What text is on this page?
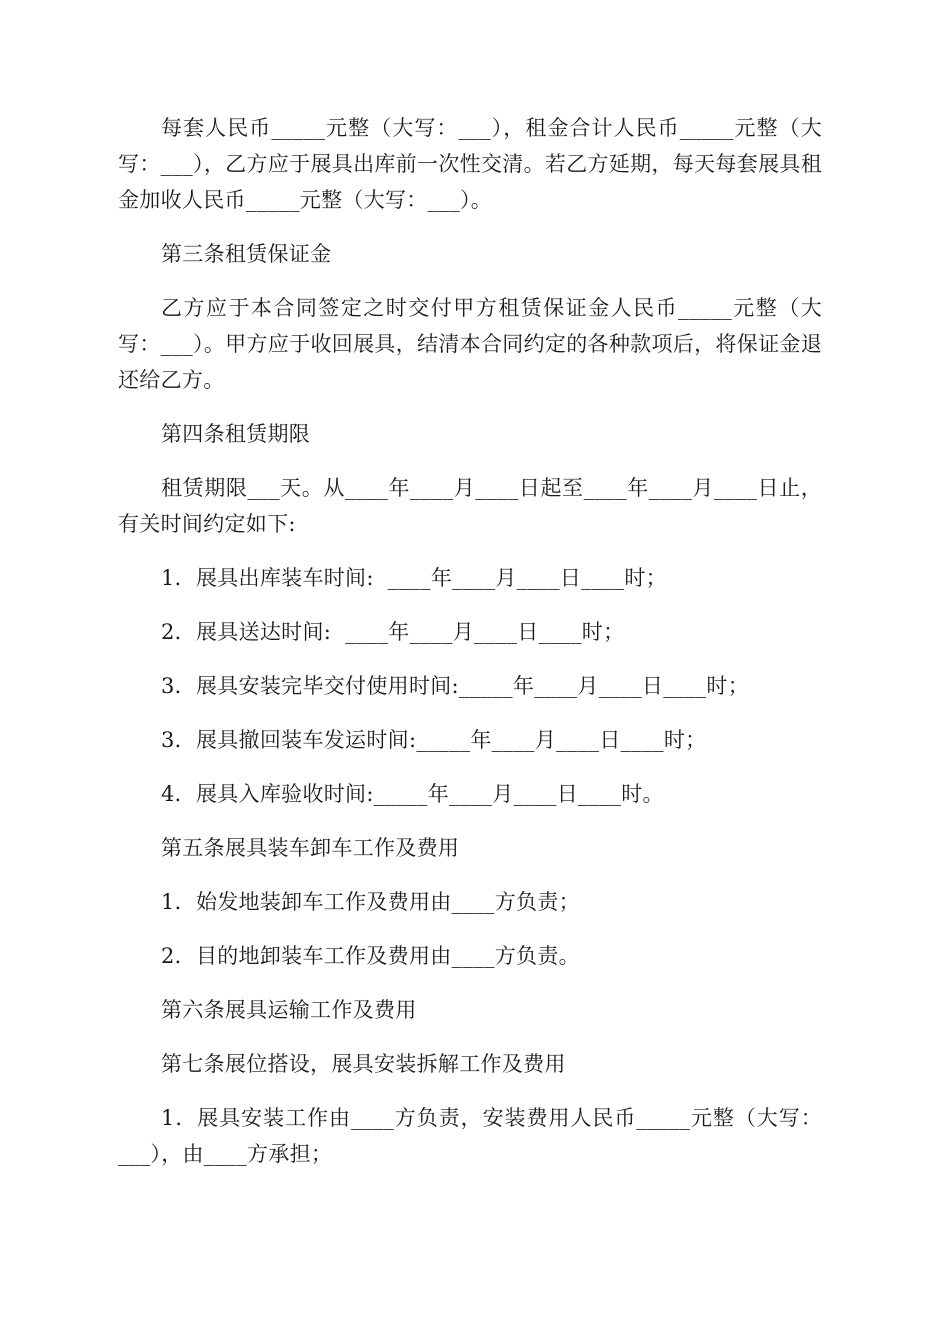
每套人民币_____元整（大写：___），租金合计人民币_____元整（大写：___），乙方应于展具出库前一次性交清。若乙方延期，每天每套展具租金加收人民币_____元整（大写：___）。

第三条租赁保证金

乙方应于本合同签定之时交付甲方租赁保证金人民币_____元整（大写：___）。甲方应于收回展具，结清本合同约定的各种款项后，将保证金退还给乙方。

第四条租赁期限

租赁期限___天。从____年____月____日起至____年____月____日止，有关时间约定如下:

1．展具出库装车时间:  ____年____月____日____时；

2．展具送达时间:  ____年____月____日____时；

3．展具安装完毕交付使用时间:_____年____月____日____时；

3．展具撤回装车发运时间:_____年____月____日____时；

4．展具入库验收时间:_____年____月____日____时。

第五条展具装车卸车工作及费用

1．始发地装卸车工作及费用由____方负责；

2．目的地卸装车工作及费用由____方负责。

第六条展具运输工作及费用

第七条展位搭设，展具安装拆解工作及费用

1．展具安装工作由____方负责，安装费用人民币_____元整（大写：___），由____方承担；
